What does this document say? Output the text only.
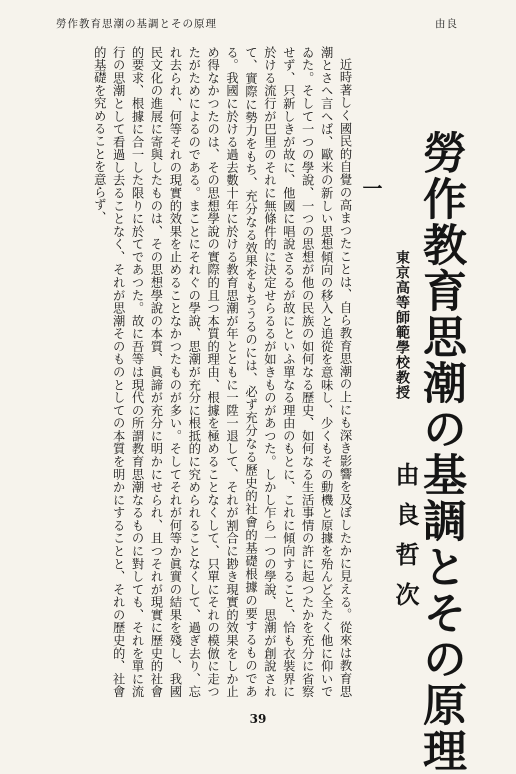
勞作教育思潮の基調とその原理	由良
勞作教育思潮の基調とその原理
東京高等師範學校教授
由良哲次
一

近時著しく國民的自覺の高まつたことは、自ら教育思潮の上にも深き影響を及ぼしたかに見える。從來は教育思潮とさへ言へば、歐米の新しい思想傾向の移入と追從を意味し、少くもその動機と原據を殆んど全たく他に仰いでゐた。そして一つの學說、一つの思想が他の民族の如何なる歷史、如何なる生活事情の許に起つたかを充分に省察せず、只新しきが故に、他國に唱說さるるが故にといふ單なる理由のもとに、これに傾向すること、恰も衣裝界に於ける流行が巴里のそれに無條件的に決定せらるるが如きものがあつた。しかし乍ら一つの學說、思潮が創說されて、實際に勢力をもち、充分なる效果をもちうるのには、必ず充分なる歷史的社會的基礎根據の要するものである。我國に於ける過去數十年に於ける教育思潮が年とともに一陞一退して、それが割合に尠き現實的效果をしか止め得なかつたのは、その思想學說の實際的且つ本質的理由、根據を極めることなくして、只單にそれの模倣に走つたがためによるのである。まことにそれぐの學說、思潮が充分に根抵的に究められることなくして、過ぎ去り、忘れ去られ、何等それの現實的效果を止めることなかつたものが多い。そしてそれが何等か眞實の結果を殘し、我國民文化の進展に寄與したものは、その思想學說の本質、眞諦が充分に明かにせられ、且つそれが現實に歷史的社會的要求、根據に合一した限りに於てであつた。故に吾等は現代の所謂教育思潮なるものに對しても、それを單に流行の思潮として看過し去ることなく、それが思潮そのものとしての本質を明かにすることと、それの歷史的、社會的基礎を究めることを意らず、

39
